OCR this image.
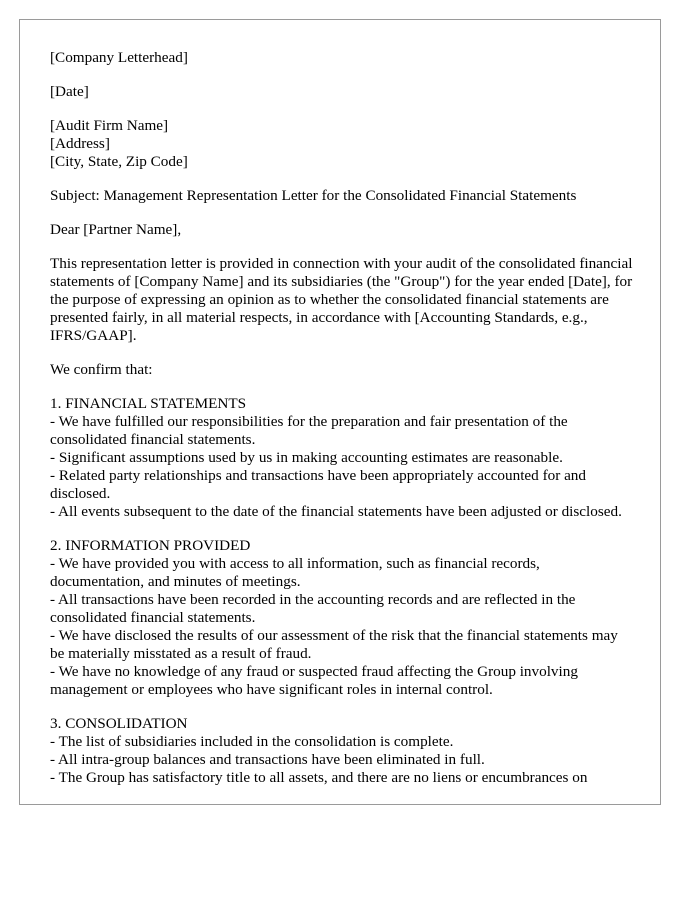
[Company Letterhead]
[Date]
[Audit Firm Name]
[Address]
[City, State, Zip Code]
Subject: Management Representation Letter for the Consolidated Financial Statements
Dear [Partner Name],
This representation letter is provided in connection with your audit of the consolidated financial statements of [Company Name] and its subsidiaries (the "Group") for the year ended [Date], for the purpose of expressing an opinion as to whether the consolidated financial statements are presented fairly, in all material respects, in accordance with [Accounting Standards, e.g., IFRS/GAAP].
We confirm that:
1. FINANCIAL STATEMENTS
- We have fulfilled our responsibilities for the preparation and fair presentation of the consolidated financial statements.
- Significant assumptions used by us in making accounting estimates are reasonable.
- Related party relationships and transactions have been appropriately accounted for and disclosed.
- All events subsequent to the date of the financial statements have been adjusted or disclosed.
2. INFORMATION PROVIDED
- We have provided you with access to all information, such as financial records, documentation, and minutes of meetings.
- All transactions have been recorded in the accounting records and are reflected in the consolidated financial statements.
- We have disclosed the results of our assessment of the risk that the financial statements may be materially misstated as a result of fraud.
- We have no knowledge of any fraud or suspected fraud affecting the Group involving management or employees who have significant roles in internal control.
3. CONSOLIDATION
- The list of subsidiaries included in the consolidation is complete.
- All intra-group balances and transactions have been eliminated in full.
- The Group has satisfactory title to all assets, and there are no liens or encumbrances on
